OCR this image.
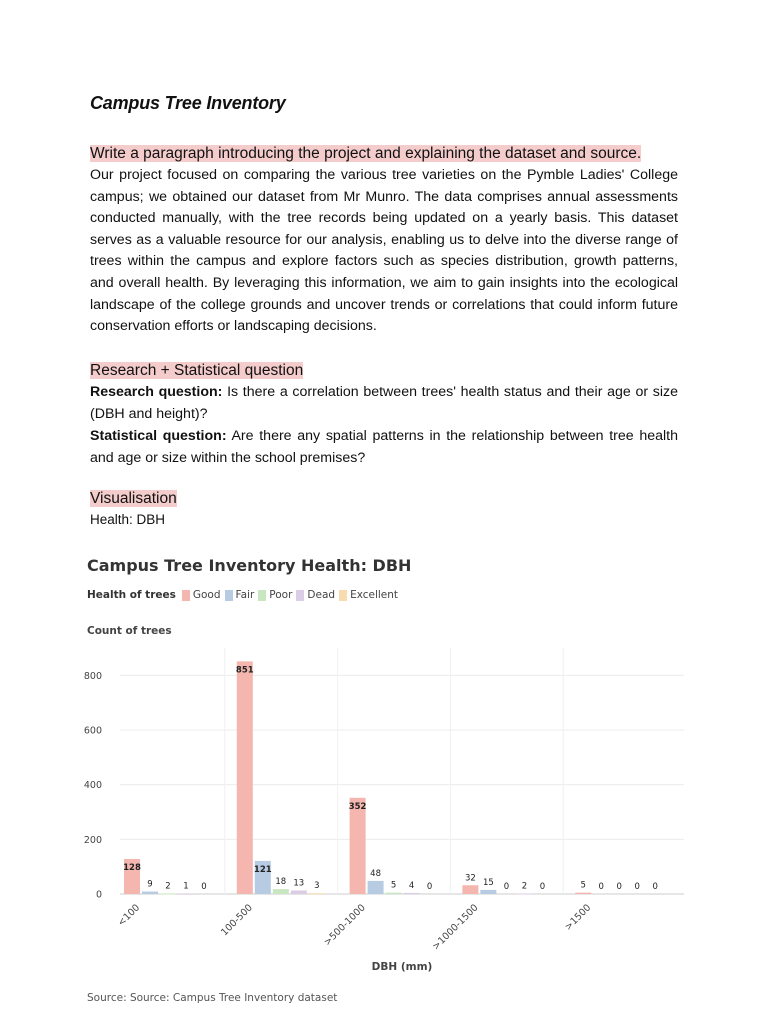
Campus Tree Inventory
Write a paragraph introducing the project and explaining the dataset and source.
Our project focused on comparing the various tree varieties on the Pymble Ladies' College campus; we obtained our dataset from Mr Munro. The data comprises annual assessments conducted manually, with the tree records being updated on a yearly basis. This dataset serves as a valuable resource for our analysis, enabling us to delve into the diverse range of trees within the campus and explore factors such as species distribution, growth patterns, and overall health. By leveraging this information, we aim to gain insights into the ecological landscape of the college grounds and uncover trends or correlations that could inform future conservation efforts or landscaping decisions.
Research + Statistical question
Research question: Is there a correlation between trees' health status and their age or size (DBH and height)?
Statistical question: Are there any spatial patterns in the relationship between tree health and age or size within the school premises?
Visualisation
Health: DBH
Campus Tree Inventory Health: DBH
Health of trees Good Fair Poor Dead Excellent
Count of trees
0
200
400
600
800
128
9 2 1 0
<100
851
121
18 13 3
100-500
352
48
5 4 0
>500-1000
32 15 0 2 0
>1000-1500
5 0 0 0 0
>1500
DBH (mm)
Source: Source: Campus Tree Inventory dataset
